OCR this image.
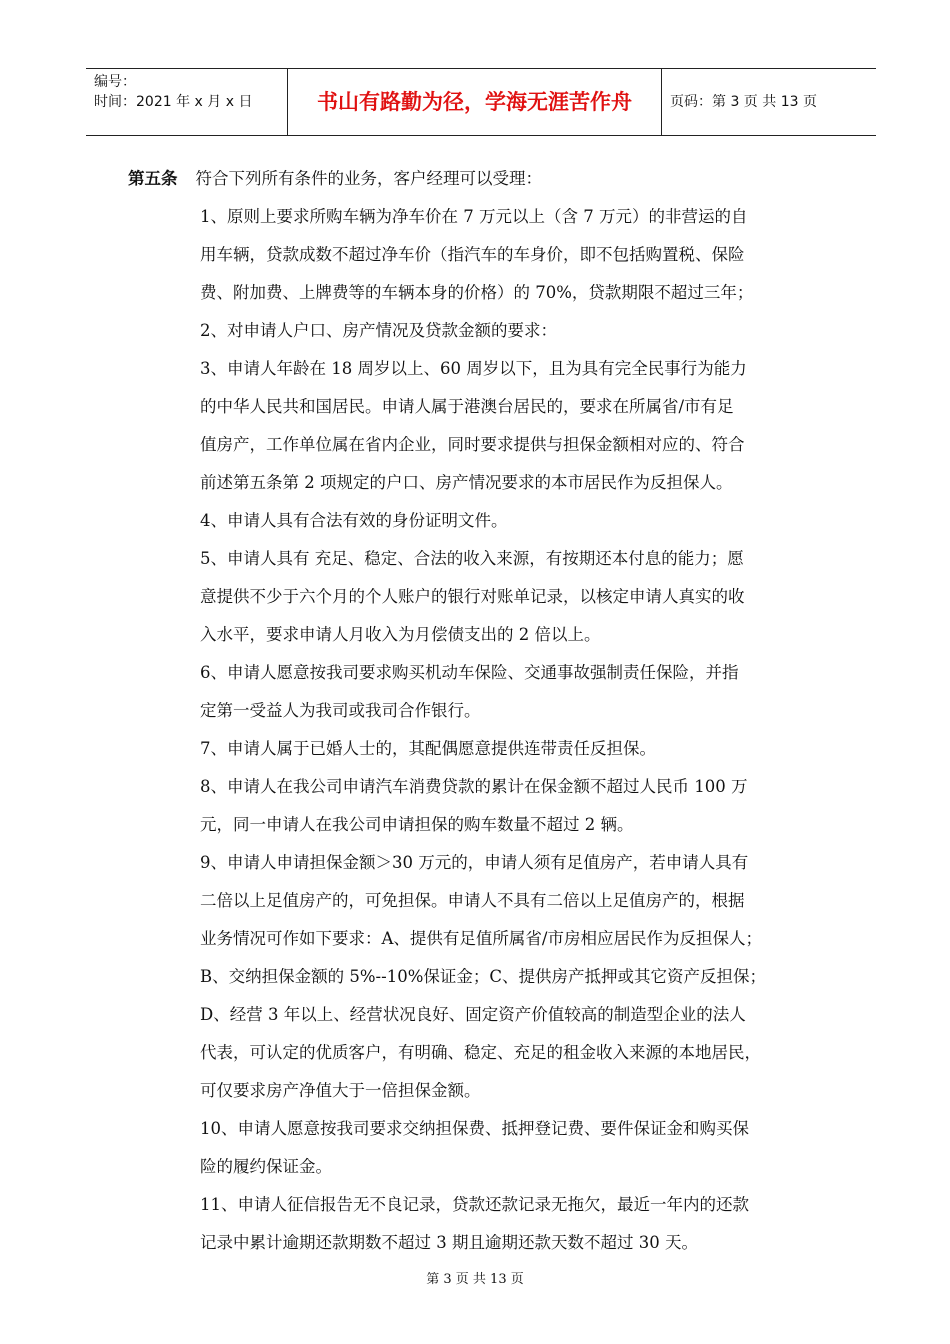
编号：
时间：2021 年 x 月 x 日	书山有路勤为径，学海无涯苦作舟	页码：第 3 页 共 13 页
第五条 符合下列所有条件的业务，客户经理可以受理：
1、原则上要求所购车辆为净车价在 7 万元以上（含 7 万元）的非营运的自
用车辆，贷款成数不超过净车价（指汽车的车身价，即不包括购置税、保险
费、附加费、上牌费等的车辆本身的价格）的 70%，贷款期限不超过三年；
2、对申请人户口、房产情况及贷款金额的要求：
3、申请人年龄在 18 周岁以上、60 周岁以下，且为具有完全民事行为能力
的中华人民共和国居民。申请人属于港澳台居民的，要求在所属省/市有足
值房产，工作单位属在省内企业，同时要求提供与担保金额相对应的、符合
前述第五条第 2 项规定的户口、房产情况要求的本市居民作为反担保人。
4、申请人具有合法有效的身份证明文件。
5、申请人具有 充足、稳定、合法的收入来源，有按期还本付息的能力；愿
意提供不少于六个月的个人账户的银行对账单记录，以核定申请人真实的收
入水平，要求申请人月收入为月偿债支出的 2 倍以上。
6、申请人愿意按我司要求购买机动车保险、交通事故强制责任保险，并指
定第一受益人为我司或我司合作银行。
7、申请人属于已婚人士的，其配偶愿意提供连带责任反担保。
8、申请人在我公司申请汽车消费贷款的累计在保金额不超过人民币 100 万
元，同一申请人在我公司申请担保的购车数量不超过 2 辆。
9、申请人申请担保金额＞30 万元的，申请人须有足值房产，若申请人具有
二倍以上足值房产的，可免担保。申请人不具有二倍以上足值房产的，根据
业务情况可作如下要求：A、提供有足值所属省/市房相应居民作为反担保人；
B、交纳担保金额的 5%--10%保证金；C、提供房产抵押或其它资产反担保；
D、经营 3 年以上、经营状况良好、固定资产价值较高的制造型企业的法人
代表，可认定的优质客户，有明确、稳定、充足的租金收入来源的本地居民，
可仅要求房产净值大于一倍担保金额。
10、申请人愿意按我司要求交纳担保费、抵押登记费、要件保证金和购买保
险的履约保证金。
11、申请人征信报告无不良记录，贷款还款记录无拖欠，最近一年内的还款
记录中累计逾期还款期数不超过 3 期且逾期还款天数不超过 30 天。
第 3 页 共 13 页
